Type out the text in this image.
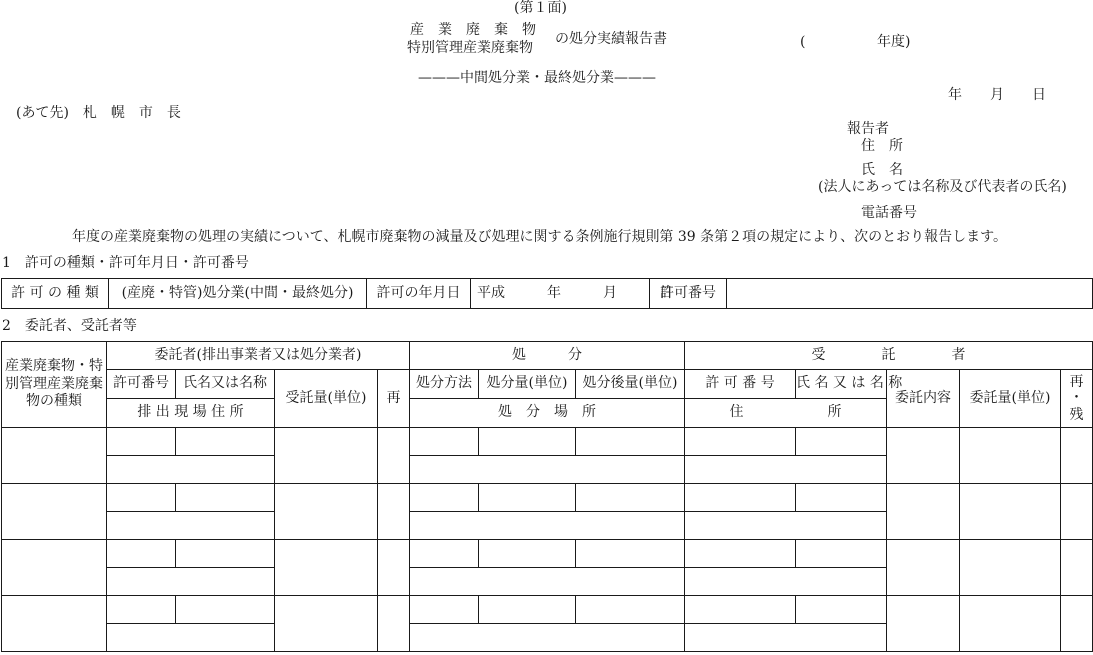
(第１面)
産　業　廃　棄　物
特別管理産業廃棄物
の処分実績報告書	(	年度)
———中間処分業・最終処分業———
年　　月　　日
(あて先)　札　幌　市　長
報告者
住　所
氏　名
(法人にあっては名称及び代表者の氏名)
電話番号
年度の産業廃棄物の処理の実績について、札幌市廃棄物の減量及び処理に関する条例施行規則第 39 条第２項の規定により、次のとおり報告します。
1　許可の種類・許可年月日・許可番号
許 可 の 種 類	(産廃・特管)処分業(中間・最終処分)	許可の年月日	平成　　　年　　　月　　　日	許可番号	
2　委託者、受託者等
産業廃棄物・特別管理産業廃棄物の種類	委託者(排出事業者又は処分業者)				処　　　分			受　　　　託　　　　者				
	許可番号	氏名又は名称	受託量(単位)	再	処分方法	処分量(単位)	処分後量(単位)	許 可 番 号	氏 名 又 は 名 称	委託内容	委託量(単位)	再
・
残

	排 出 現 場 住 所				処　分　場　所			住　　　　　　所				
